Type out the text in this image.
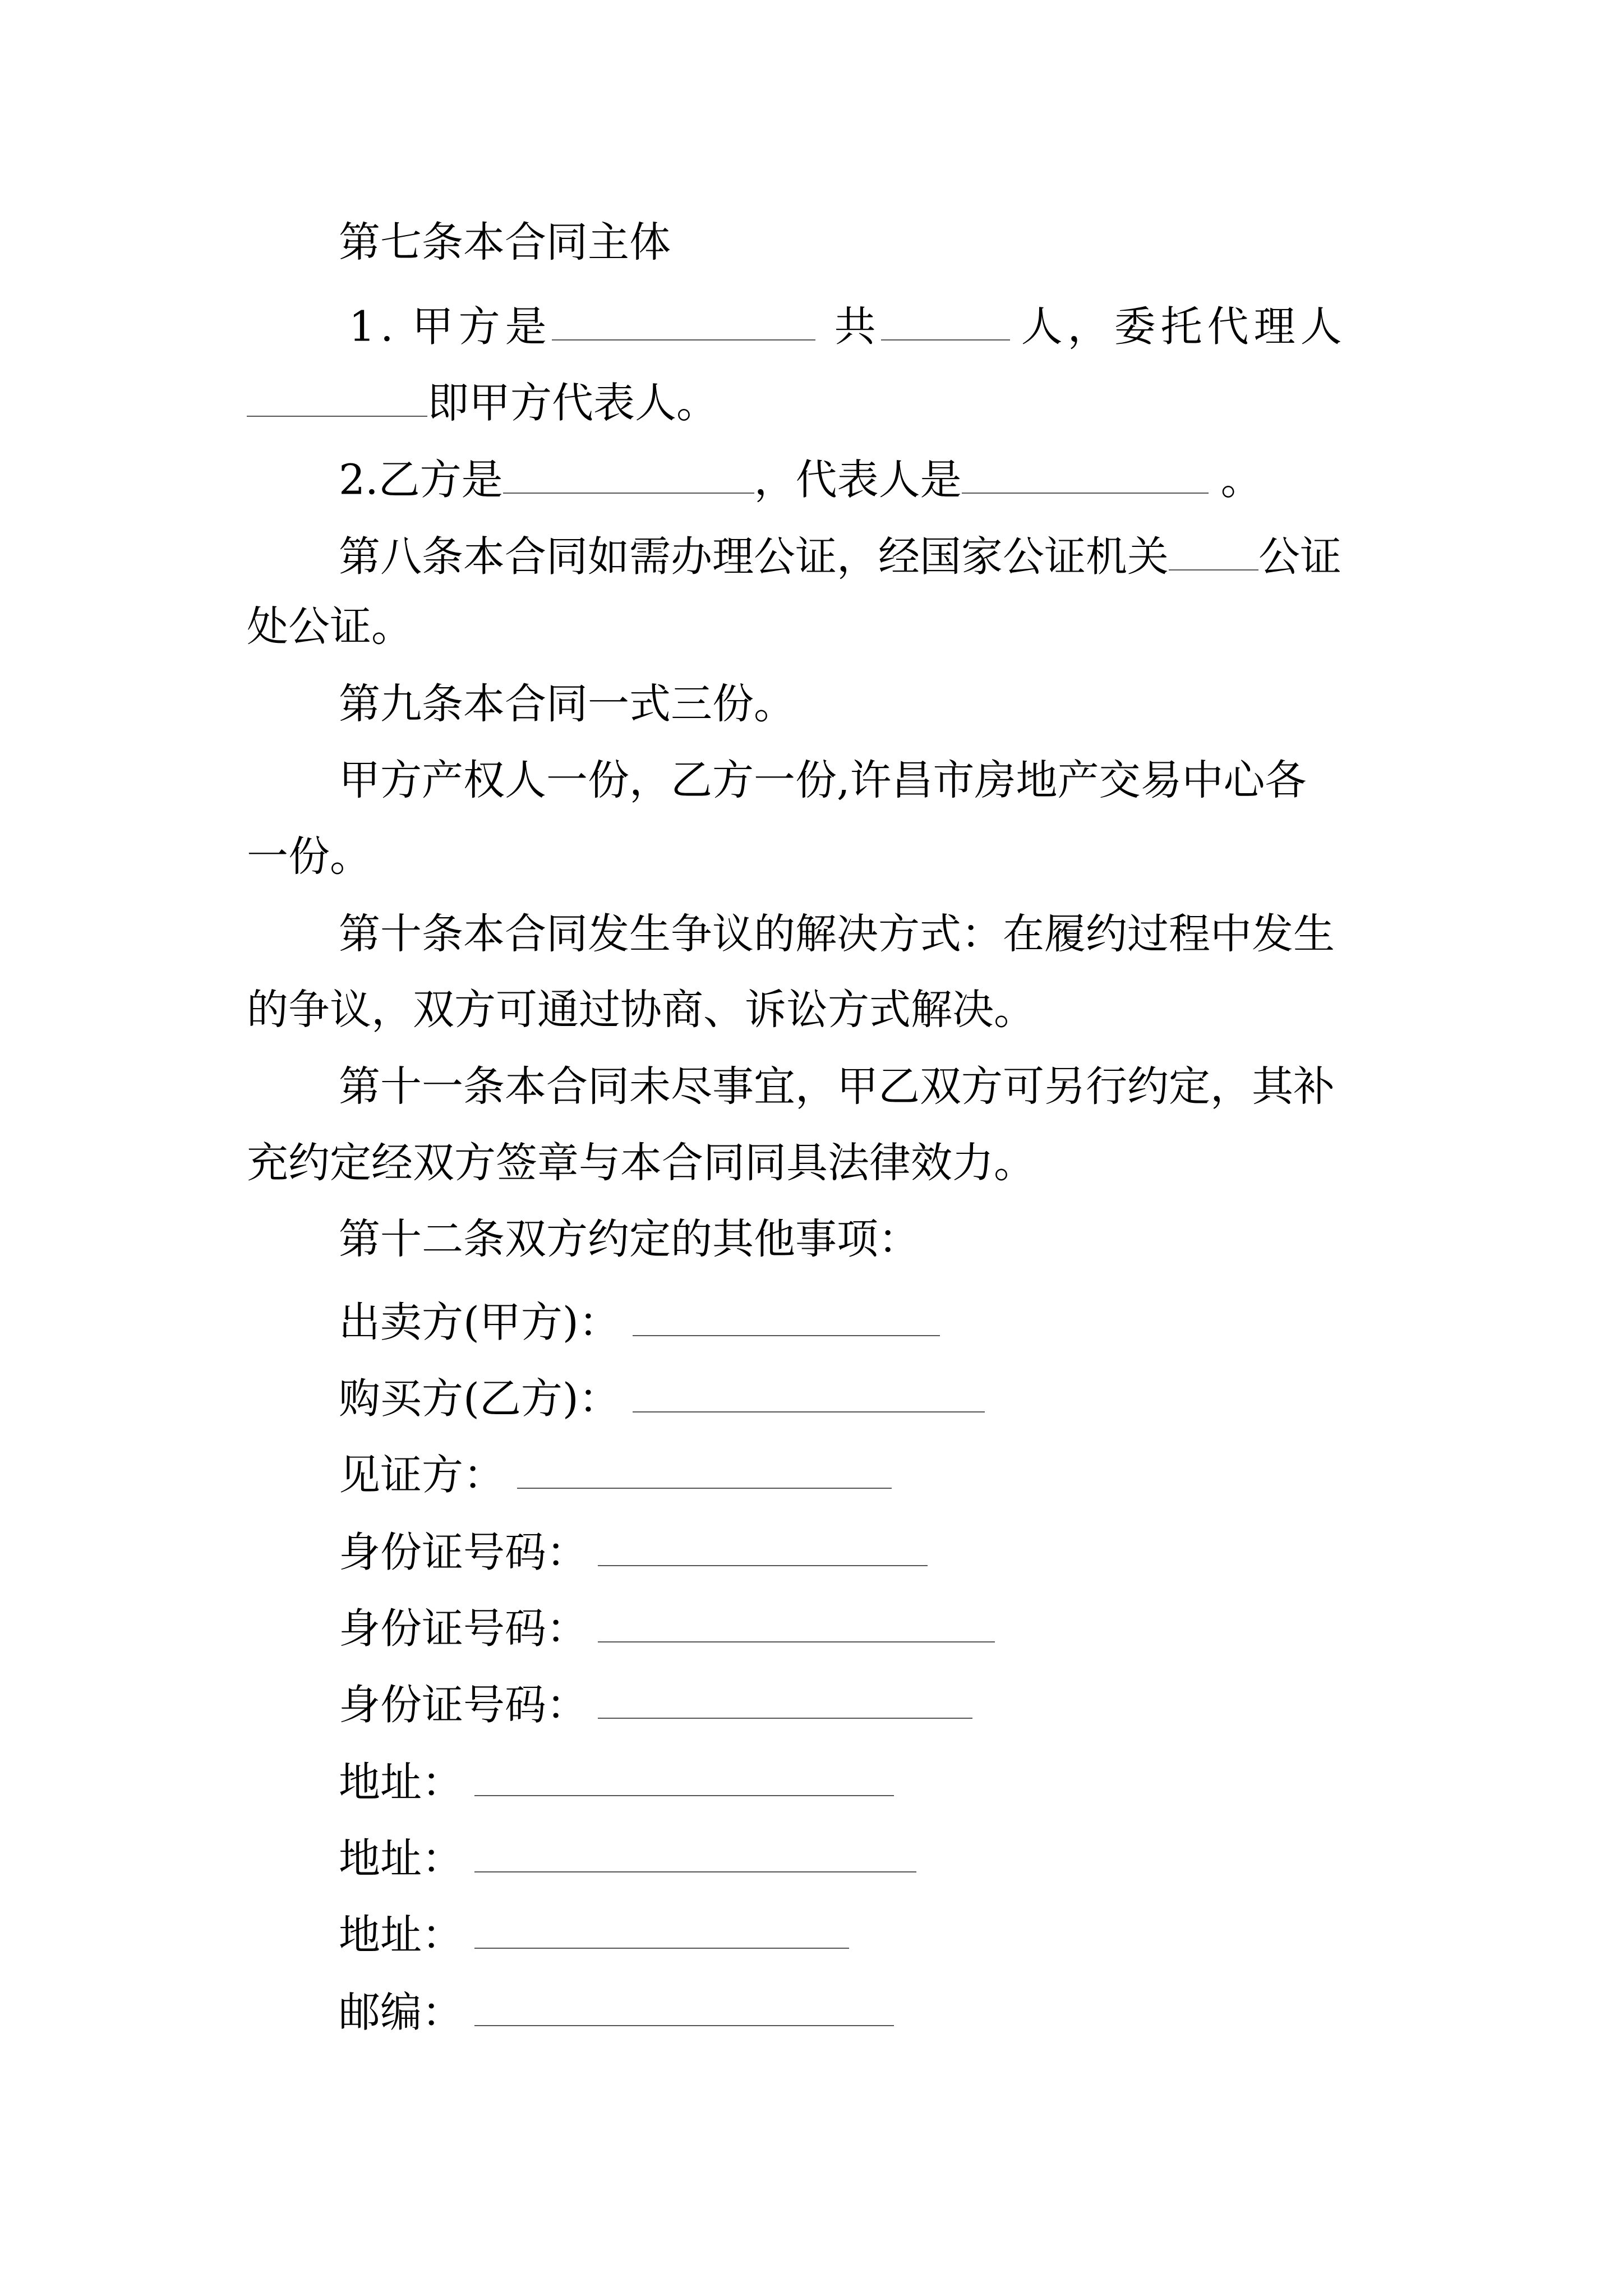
第七条本合同主体
1. 甲方是	共	人，委托代理人
即甲方代表人。
2.乙方是	，代表人是	。
第八条本合同如需办理公证，经国家公证机关 公证
处公证。
第九条本合同一式三份。
甲方产权人一份，乙方一份,许昌市房地产交易中心各
一份。
第十条本合同发生争议的解决方式：在履约过程中发生
的争议，双方可通过协商、诉讼方式解决。
第十一条本合同未尽事宜，甲乙双方可另行约定，其补
充约定经双方签章与本合同同具法律效力。
第十二条双方约定的其他事项：
出卖方(甲方)：
购买方(乙方)：
见证方：
身份证号码：
身份证号码：
身份证号码：
地址：
地址：
地址：
邮编：
